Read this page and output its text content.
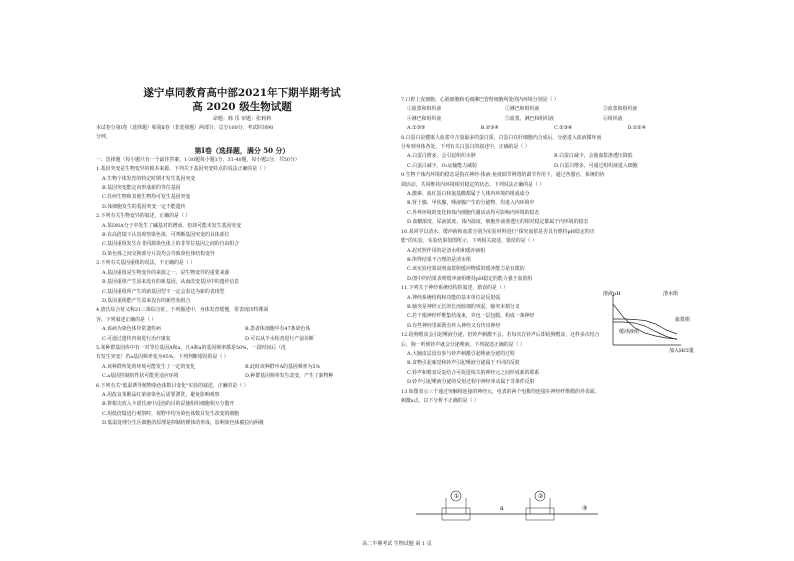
遂宁卓同教育高中部2021年下期半期考试
高 2020 级生物试题
命题：韩 乐 审题：张莉莉
本试卷分第Ⅰ卷（选择题）和第Ⅱ卷（非选择题）两部分，总分100分，考试时间90
分钟。
第Ⅰ卷（选择题，满分 50 分）
一、选择题（每小题只有一个最佳答案，1-30题每小题1分，31-40题，每小题2分，共50分）
1.基因突变是生物变异的根本来源。下列关于基因突变特点的说法正确的是（ ）
A.生物个体发育的特定时期才发生基因突变
B.基因突变能定向形成新的等位基因
C.任何生物和其他生物均可发生基因突变
D.体细胞发生的基因突变一定不能遗传
2.下列有关生物变异的叙述，正确的是（ ）
A.某DNA分子中发生了碱基对的增添，但却可能未发生基因突变
B.在高倍镜下认真观察染色体，可判断基因突变的具体部位
C.基因重组发生在非同源染色体上的非等位基因之间的自由组合
D.染色体之间交换部分片段均会导致染色体结构变异
3.下列有关基因重组的说法，不正确的是（ ）
A.基因重组是生物变异的来源之一，是生物变异的重要来源
B.基因重组产生原来没有的新基因，从而改变基因中的遗传信息
C.基因重组所产生的新基因型不一定会表达为新的表现型
D.基因重组能产生原来没有的新性状组合
4.唐氏综合征又称21三体综合征。下列描述中，身体发育缓慢，常表现出特殊面
容。下列叙述正确的是（ ）
A.该病为染色体异常遗传病	B.患者体细胞中有47条染色体
C.可通过遗传咨询进行治疗康复	D.可以从羊水检查进行产前诊断
5.某种群基因库中有一对等位基因A和a，且A和a的基因频率都是50%，一段时间后（没
有发生突变）若a基因频率变为95%，下列判断错误的是（ ）
A.该种群所处的环境可能发生了一定的变化	B.此时该种群中A的基因频率为5%
C.a基因控制的性状可能更适应环境	D.种群基因频率发生改变，产生了新物种
6.下列有关"低温诱导植物染色体数目变化"实验的叙述，正确的是（ ）
A.用改良苯酚品红染液染色后需要漂洗，避免影响观察
B.将根尖放入卡诺氏液中浸泡的目的是使组织细胞相互分散开
C.用低倍镜进行观察时，视野中均为染色体数目发生改变的细胞
D.低温处理分生区细胞的原理是抑制纺锤体的形成，影响染色体被拉向两极
7.口腔上皮细胞、心肌细胞和毛细淋巴管壁细胞所处的内环境分别是（ ）
①血浆和组织液	②淋巴和组织液	③血浆和组织液
④淋巴和组织液	⑤血浆、淋巴和组织液	⑥组织液
A.①③⑤	B.②③④	C.②③⑥	D.①②④
8.白蛋白是健康人血浆中含量最多的蛋白质，白蛋白在肝细胞内合成后，分泌进入血液循环而
分布到身体各处。下列有关白蛋白的叙述中，正确的是（ ）
A.白蛋白增多，会引起组织水肿	B.白蛋白减少，会使血浆渗透压降低
C.白蛋白减少，O₂运输能力减弱	D.白蛋白增多，可通过组织液进入细胞
9.生物个体内环境的稳态是指在神经-体液-免疫调节网络的调节作用下，通过各器官、系统的协
调活动，共同维持内环境相对稳定的状态。下列说法正确的是（ ）
A.激素、血红蛋白和氨基酸都属于人体内环境的组成成分
B.肾上腺、甲状腺、唾液腺产生的分泌物，均进入内环境中
C.外界环境的变化和体内细胞代谢活动均可影响内环境的稳态
D.血糖浓度、尿液浓度、体内温度、细胞外液渗透压的相对稳定都属于内环境的稳态
10.某同学以清水、缓冲液和血浆分别为实验材料进行"探究血浆是否具有维持pH稳定的功
能"的实验，实验结果如图所示，下列相关叙述，错误的是（ ）
A.起对照作用的是清水组和缓冲液组
B.所得结果不合理的是清水组
C.该实验结果说明血浆组缓冲物质的缓冲能力是有限的
D.图中的结果表明缓冲液组维持pH稳定的能力强于血浆组
11.下列关于神经系统结构的叙述，错误的是（ ）
A.神经系统结构和功能的基本单位是反射弧
B.轴突是神经元长的长而较细的突起，轴突末梢分叉
C.若干根神经纤维集结成束，外包一层包膜，构成一条神经
D.有些神经里面既有传入神经又有传出神经
12.给狗喂食会引起唾液分泌，但铃声刺激不会。若每次在铃声后即给狗喂食，这样多次结合
后，狗一听到铃声就会分泌唾液。下列叙述正确的是（ ）
A.大脑皮层没有参与铃声刺激引起唾液分泌的过程
B.食物引起味觉和铃声引起唾液分泌属于不同的反射
C.铃声和喂食反复结合可促进相关的神经元之间形成新的联系
D.铃声引起唾液分泌的反射过程中神经冲动属于非条件反射
13.如图表示三个通过突触相连接的神经元，电表的两个电极均连接在神经纤维膜的外表面。
刺激a点，以下分析不正确的是（ ）
溶液pH
加入HCl量
清水组
血浆组
缓冲液组
①	②
③
a
高二半期考试 生物试题 第 1 页
